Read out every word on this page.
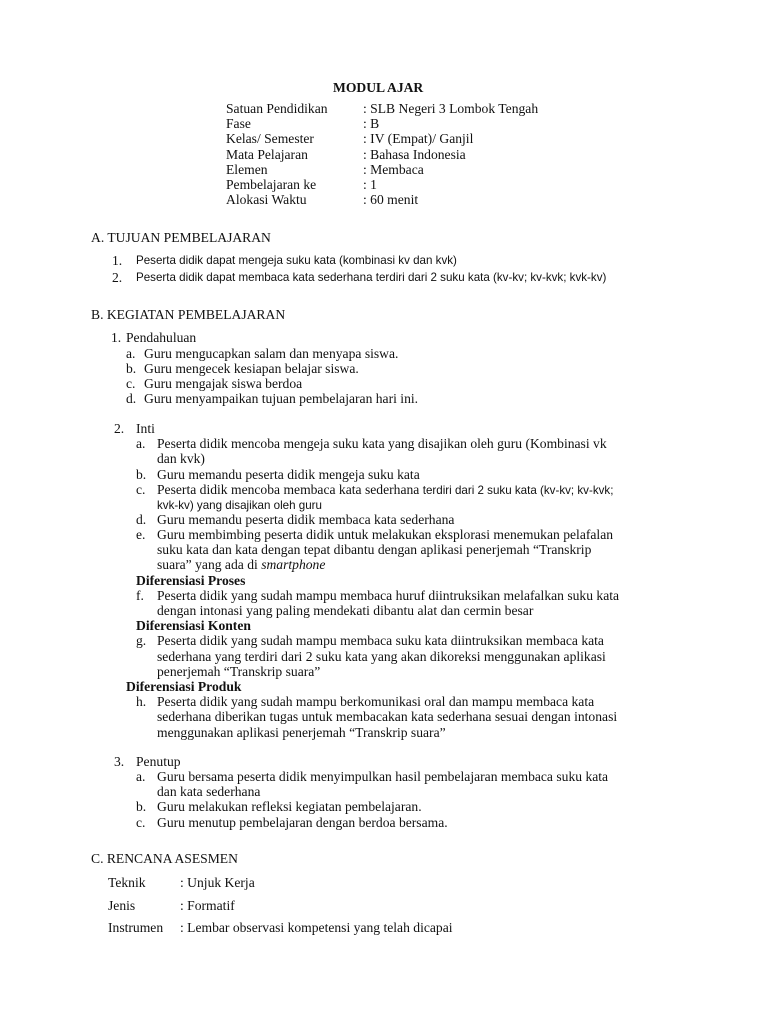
MODUL AJAR
Satuan Pendidikan	: SLB Negeri 3 Lombok Tengah
Fase	: B
Kelas/ Semester	: IV (Empat)/ Ganjil
Mata Pelajaran	: Bahasa Indonesia
Elemen	: Membaca
Pembelajaran ke	: 1
Alokasi Waktu	: 60 menit
A. TUJUAN PEMBELAJARAN
1. Peserta didik dapat mengeja suku kata (kombinasi kv dan kvk)
2. Peserta didik dapat membaca kata sederhana terdiri dari 2 suku kata (kv-kv; kv-kvk; kvk-kv)
B. KEGIATAN PEMBELAJARAN
1. Pendahuluan
a. Guru mengucapkan salam dan menyapa siswa.
b. Guru mengecek kesiapan belajar siswa.
c. Guru mengajak siswa berdoa
d. Guru menyampaikan tujuan pembelajaran hari ini.
2. Inti
a. Peserta didik mencoba mengeja suku kata yang disajikan oleh guru (Kombinasi vk
dan kvk)
b. Guru memandu peserta didik mengeja suku kata
c. Peserta didik mencoba membaca kata sederhana terdiri dari 2 suku kata (kv-kv; kv-kvk;
kvk-kv) yang disajikan oleh guru
d. Guru memandu peserta didik membaca kata sederhana
e. Guru membimbing peserta didik untuk melakukan eksplorasi menemukan pelafalan
suku kata dan kata dengan tepat dibantu dengan aplikasi penerjemah “Transkrip
suara” yang ada di smartphone
Diferensiasi Proses
f. Peserta didik yang sudah mampu membaca huruf diintruksikan melafalkan suku kata
dengan intonasi yang paling mendekati dibantu alat dan cermin besar
Diferensiasi Konten
g. Peserta didik yang sudah mampu membaca suku kata diintruksikan membaca kata
sederhana yang terdiri dari 2 suku kata yang akan dikoreksi menggunakan aplikasi
penerjemah “Transkrip suara”
Diferensiasi Produk
h. Peserta didik yang sudah mampu berkomunikasi oral dan mampu membaca kata
sederhana diberikan tugas untuk membacakan kata sederhana sesuai dengan intonasi
menggunakan aplikasi penerjemah “Transkrip suara”
3. Penutup
a. Guru bersama peserta didik menyimpulkan hasil pembelajaran membaca suku kata
dan kata sederhana
b. Guru melakukan refleksi kegiatan pembelajaran.
c. Guru menutup pembelajaran dengan berdoa bersama.
C. RENCANA ASESMEN
Teknik	: Unjuk Kerja
Jenis	: Formatif
Instrumen : Lembar observasi kompetensi yang telah dicapai
